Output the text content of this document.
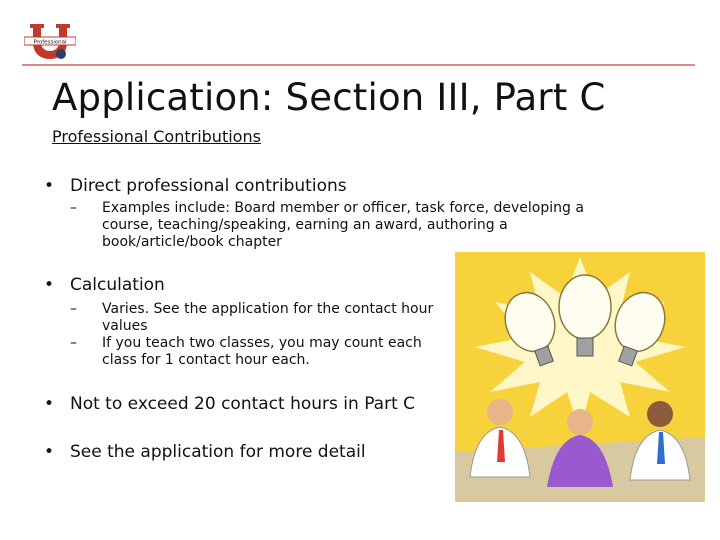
Professional
Application: Section III, Part C
Professional Contributions
• Direct professional contributions
– Examples include: Board member or officer, task force, developing a course, teaching/speaking, earning an award, authoring a book/article/book chapter
• Calculation
– Varies. See the application for the contact hour values
– If you teach two classes, you may count each class for 1 contact hour each.
• Not to exceed 20 contact hours in Part C
• See the application for more detail
